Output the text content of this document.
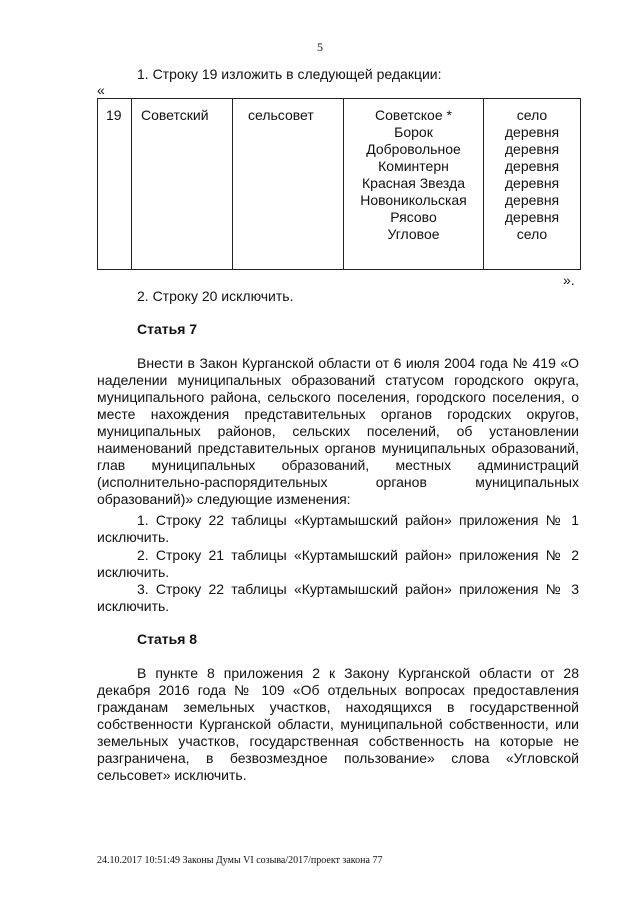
5
1. Строку 19 изложить в следующей редакции:
«
19 Советский	сельсовет	Советское *
Борок
Добровольное
Коминтерн
Красная Звезда
Новоникольская
Рясово
Угловое
село
деревня
деревня
деревня
деревня
деревня
деревня
село
».
2. Строку 20 исключить.
Статья 7
Внести в Закон Курганской области от 6 июля 2004 года № 419 «О наделении муниципальных образований статусом городского округа, муниципального района, сельского поселения, городского поселения, о месте нахождения представительных органов городских округов, муниципальных районов, сельских поселений, об установлении наименований представительных органов муниципальных образований, глав муниципальных образований, местных администраций (исполнительно-распорядительных органов муниципальных образований)» следующие изменения:
1. Строку 22 таблицы «Куртамышский район» приложения № 1 исключить.
2. Строку 21 таблицы «Куртамышский район» приложения № 2 исключить.
3. Строку 22 таблицы «Куртамышский район» приложения № 3 исключить.
Статья 8
В пункте 8 приложения 2 к Закону Курганской области от 28 декабря 2016 года № 109 «Об отдельных вопросах предоставления гражданам земельных участков, находящихся в государственной собственности Курганской области, муниципальной собственности, или земельных участков, государственная собственность на которые не разграничена, в безвозмездное пользование» слова «Угловской сельсовет» исключить.
24.10.2017 10:51:49 Законы Думы VI созыва/2017/проект закона 77
